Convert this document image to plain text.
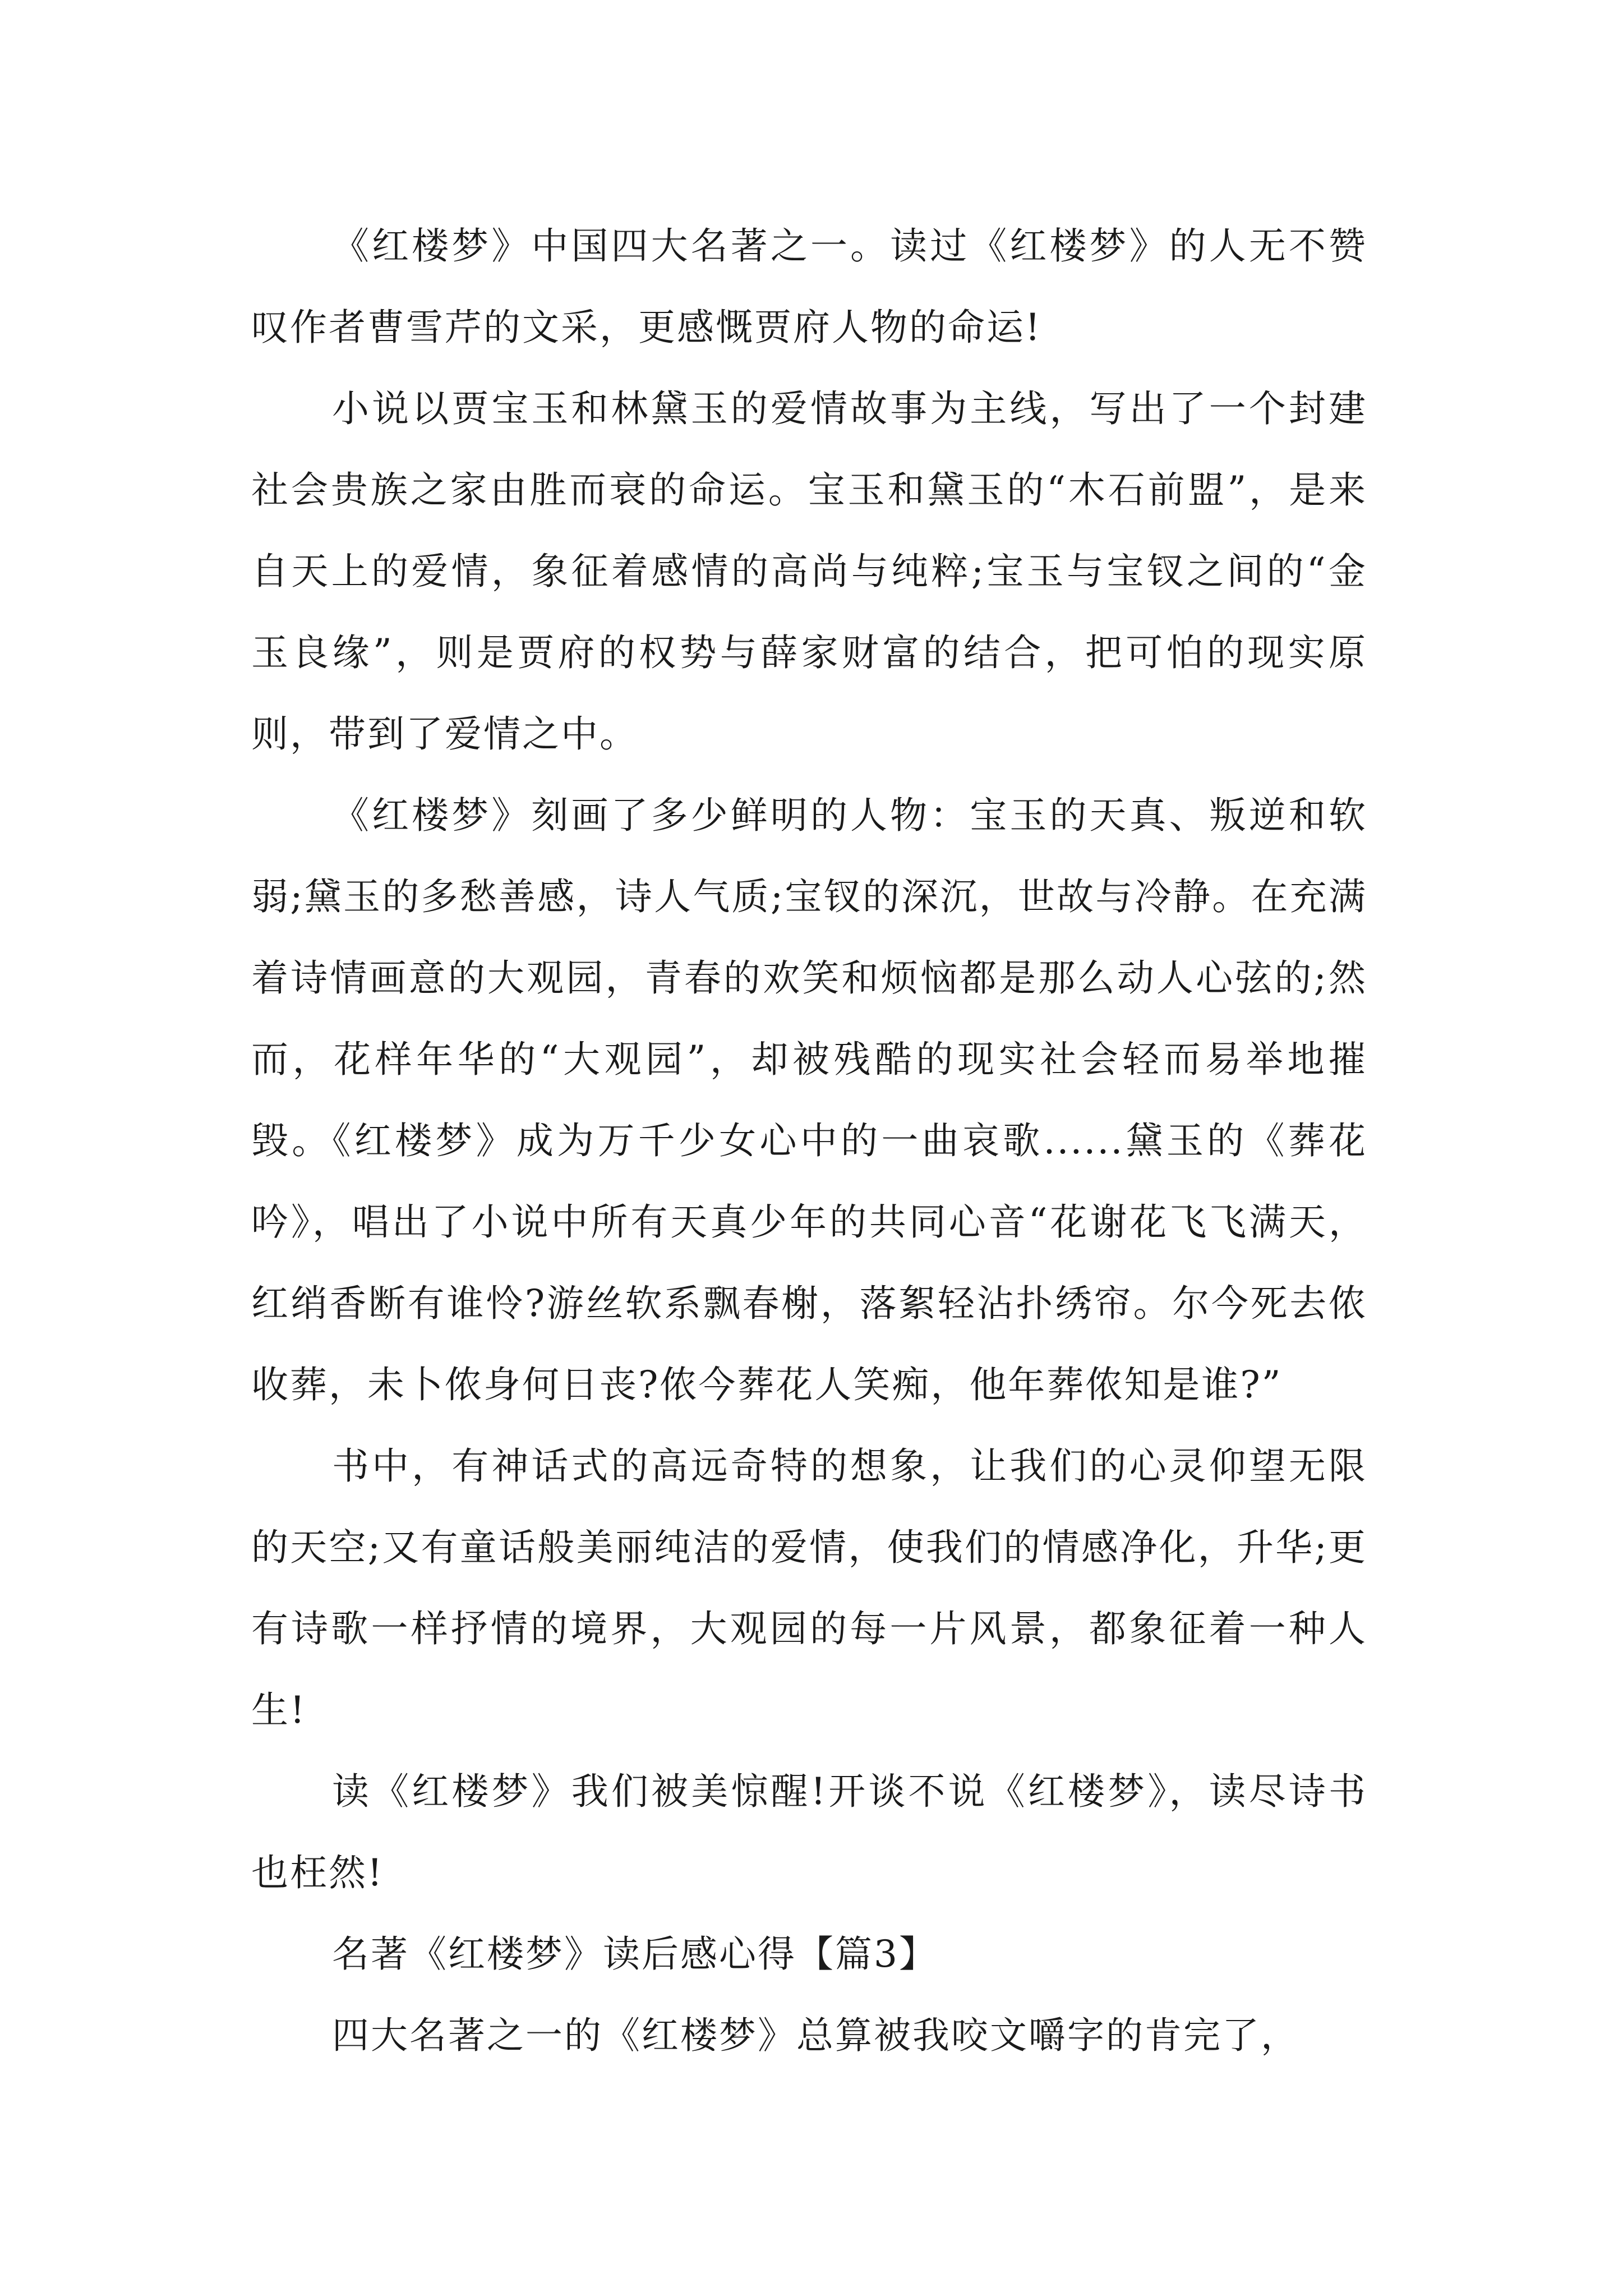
《红楼梦》中国四大名著之一。读过《红楼梦》的人无不赞叹作者曹雪芹的文采，更感慨贾府人物的命运!

小说以贾宝玉和林黛玉的爱情故事为主线，写出了一个封建社会贵族之家由胜而衰的命运。宝玉和黛玉的“木石前盟”，是来自天上的爱情，象征着感情的高尚与纯粹;宝玉与宝钗之间的“金玉良缘”，则是贾府的权势与薛家财富的结合，把可怕的现实原则，带到了爱情之中。

《红楼梦》刻画了多少鲜明的人物：宝玉的天真、叛逆和软弱;黛玉的多愁善感，诗人气质;宝钗的深沉，世故与冷静。在充满着诗情画意的大观园，青春的欢笑和烦恼都是那么动人心弦的;然而，花样年华的“大观园”，却被残酷的现实社会轻而易举地摧毁。《红楼梦》成为万千少女心中的一曲哀歌......黛玉的《葬花吟》，唱出了小说中所有天真少年的共同心音“花谢花飞飞满天，红绡香断有谁怜?游丝软系飘春榭，落絮轻沾扑绣帘。尔今死去侬收葬，未卜侬身何日丧?侬今葬花人笑痴，他年葬侬知是谁?”

书中，有神话式的高远奇特的想象，让我们的心灵仰望无限的天空;又有童话般美丽纯洁的爱情，使我们的情感净化，升华;更有诗歌一样抒情的境界，大观园的每一片风景，都象征着一种人生!

读《红楼梦》我们被美惊醒!开谈不说《红楼梦》，读尽诗书也枉然!

名著《红楼梦》读后感心得【篇3】

四大名著之一的《红楼梦》总算被我咬文嚼字的肯完了，
